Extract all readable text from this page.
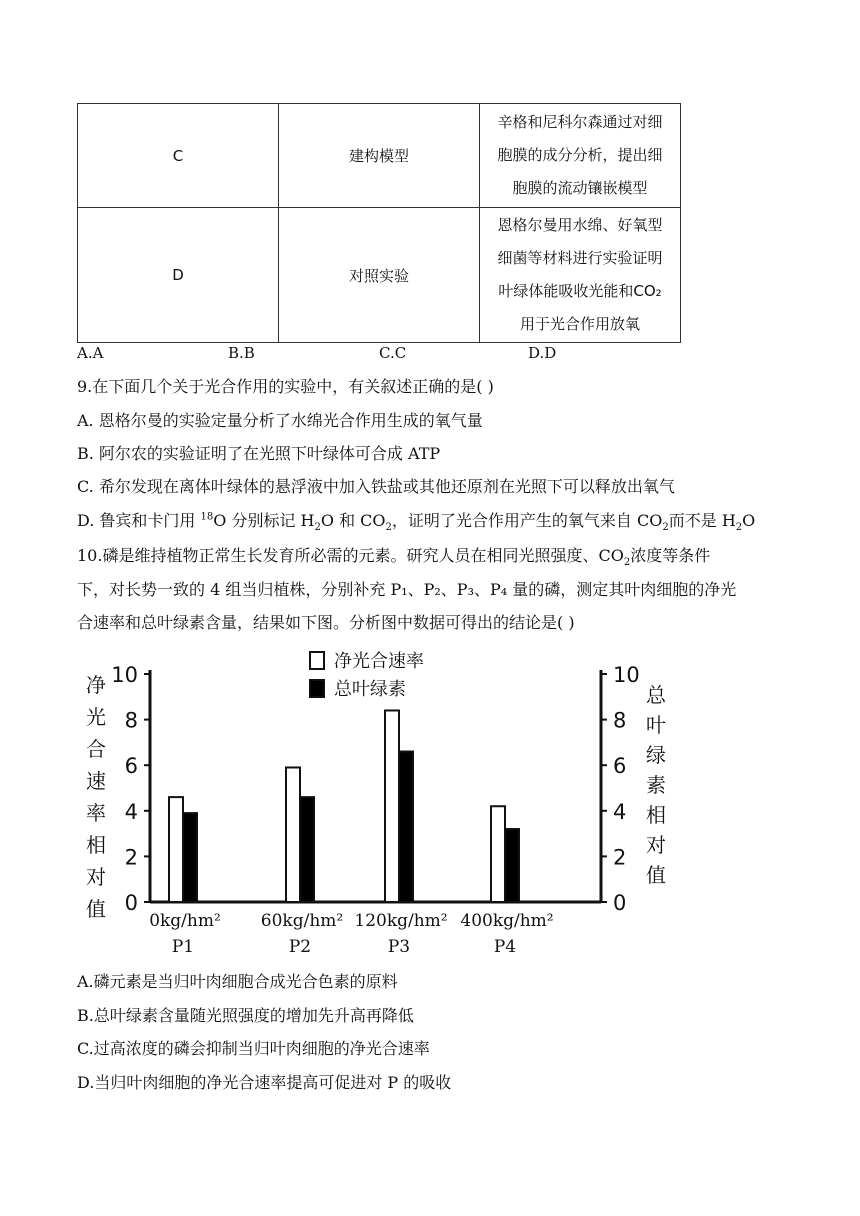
C	建构模型	辛格和尼科尔森通过对细
胞膜的成分分析，提出细
胞膜的流动镶嵌模型

D	对照实验	恩格尔曼用水绵、好氧型
细菌等材料进行实验证明
叶绿体能吸收光能和CO₂
用于光合作用放氧
A.A	B.B	C.C	D.D
9.在下面几个关于光合作用的实验中，有关叙述正确的是( )
A. 恩格尔曼的实验定量分析了水绵光合作用生成的氧气量
B. 阿尔农的实验证明了在光照下叶绿体可合成 ATP
C. 希尔发现在离体叶绿体的悬浮液中加入铁盐或其他还原剂在光照下可以释放出氧气
D. 鲁宾和卡门用 $^{18}$O 分别标记 $H_2O$ 和 $CO_2$，证明了光合作用产生的氧气来自 $CO_2$而不是 $H_2O$
10.磷是维持植物正常生长发育所必需的元素。研究人员在相同光照强度、$CO_2$浓度等条件
下，对长势一致的 4 组当归植株，分别补充 P₁、P₂、P₃、P₄ 量的磷，测定其叶肉细胞的净光
合速率和总叶绿素含量，结果如下图。分析图中数据可得出的结论是( )
0	0
2	2
4	4
6	6
8	8
10	10
净
光
合
速
率
相
对
值
总
叶
绿
素
相
对
值
0kg/hm²
P1
60kg/hm²
P2
120kg/hm²
P3
400kg/hm²
P4
净光合速率
总叶绿素
A.磷元素是当归叶肉细胞合成光合色素的原料
B.总叶绿素含量随光照强度的增加先升高再降低
C.过高浓度的磷会抑制当归叶肉细胞的净光合速率
D.当归叶肉细胞的净光合速率提高可促进对 P 的吸收
